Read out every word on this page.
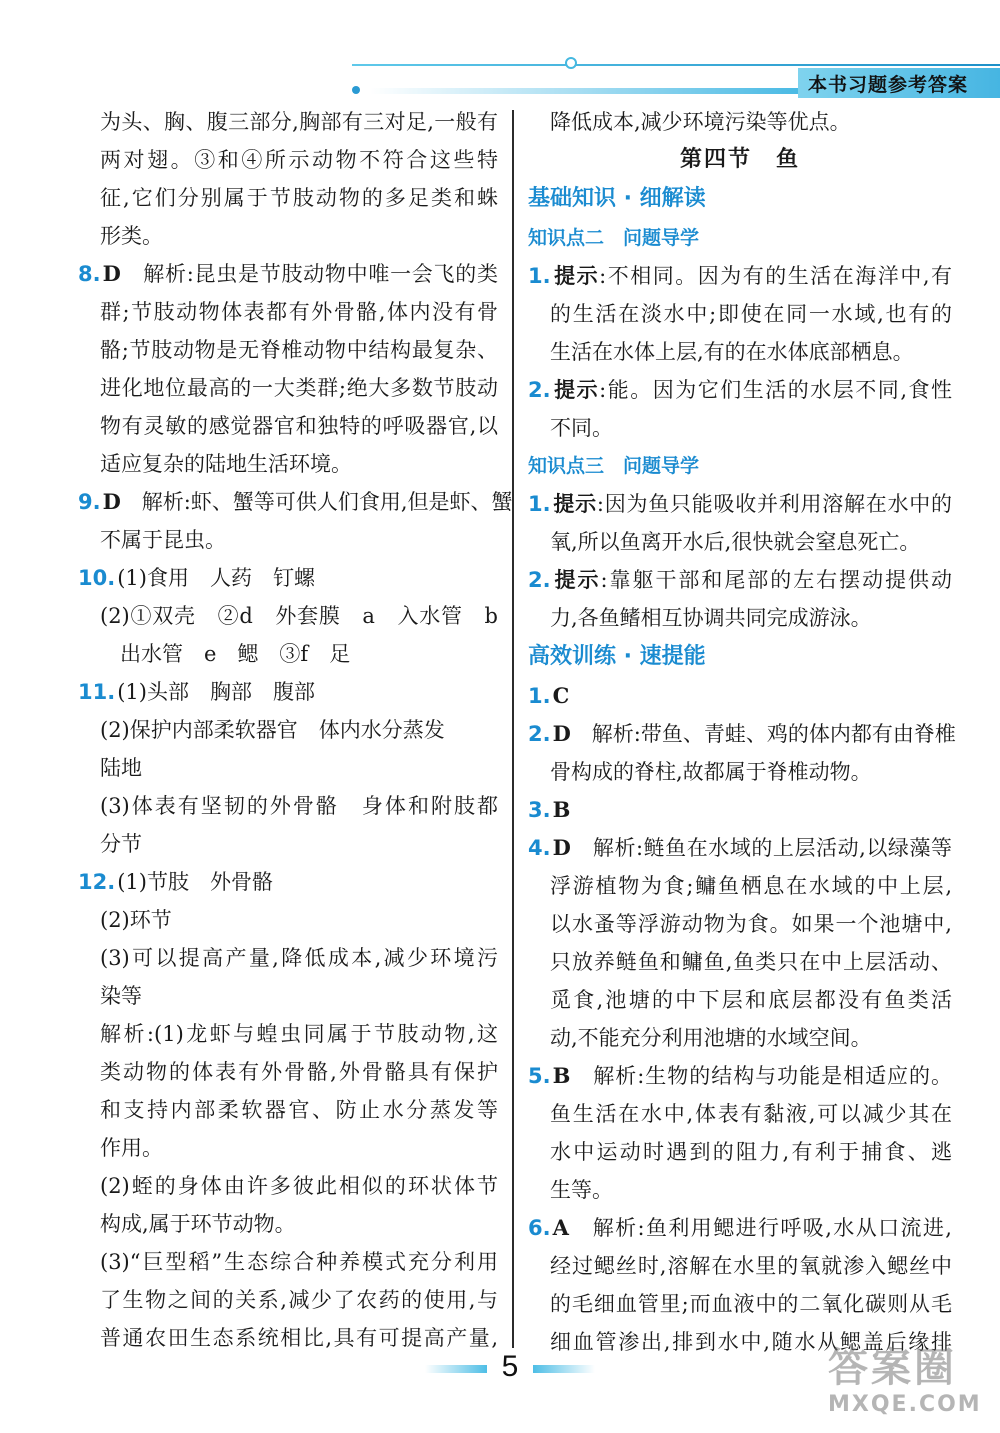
本书习题参考答案
为头、胸、腹三部分,胸部有三对足,一般有
两对翅。③和④所示动物不符合这些特
征,它们分别属于节肢动物的多足类和蛛
形类。
8.D　解析:昆虫是节肢动物中唯一会飞的类
群;节肢动物体表都有外骨骼,体内没有骨
骼;节肢动物是无脊椎动物中结构最复杂、
进化地位最高的一大类群;绝大多数节肢动
物有灵敏的感觉器官和独特的呼吸器官,以
适应复杂的陆地生活环境。
9.D　解析:虾、蟹等可供人们食用,但是虾、蟹
不属于昆虫。
10.(1)食用　人药　钉螺
(2)①双壳　②d　外套膜　a　入水管　b
出水管　e　鳃　③f　足
11.(1)头部　胸部　腹部
(2)保护内部柔软器官　体内水分蒸发
陆地
(3)体表有坚韧的外骨骼　身体和附肢都
分节
12.(1)节肢　外骨骼
(2)环节
(3)可以提高产量,降低成本,减少环境污
染等
解析:(1)龙虾与蝗虫同属于节肢动物,这
类动物的体表有外骨骼,外骨骼具有保护
和支持内部柔软器官、防止水分蒸发等
作用。
(2)蛭的身体由许多彼此相似的环状体节
构成,属于环节动物。
(3)“巨型稻”生态综合种养模式充分利用
了生物之间的关系,减少了农药的使用,与
普通农田生态系统相比,具有可提高产量,
降低成本,减少环境污染等优点。
第四节　鱼
基础知识 · 细解读
知识点二　问题导学
1.提示:不相同。因为有的生活在海洋中,有
的生活在淡水中;即使在同一水域,也有的
生活在水体上层,有的在水体底部栖息。
2.提示:能。因为它们生活的水层不同,食性
不同。
知识点三　问题导学
1.提示:因为鱼只能吸收并利用溶解在水中的
氧,所以鱼离开水后,很快就会窒息死亡。
2.提示:靠躯干部和尾部的左右摆动提供动
力,各鱼鳍相互协调共同完成游泳。
高效训练 · 速提能
1.C
2.D　解析:带鱼、青蛙、鸡的体内都有由脊椎
骨构成的脊柱,故都属于脊椎动物。
3.B
4.D　解析:鲢鱼在水域的上层活动,以绿藻等
浮游植物为食;鳙鱼栖息在水域的中上层,
以水蚤等浮游动物为食。如果一个池塘中,
只放养鲢鱼和鳙鱼,鱼类只在中上层活动、
觅食,池塘的中下层和底层都没有鱼类活
动,不能充分利用池塘的水域空间。
5.B　解析:生物的结构与功能是相适应的。
鱼生活在水中,体表有黏液,可以减少其在
水中运动时遇到的阻力,有利于捕食、逃
生等。
6.A　解析:鱼利用鳃进行呼吸,水从口流进,
经过鳃丝时,溶解在水里的氧就渗入鳃丝中
的毛细血管里;而血液中的二氧化碳则从毛
细血管渗出,排到水中,随水从鳃盖后缘排
5	答案圈
MXQE.COM
